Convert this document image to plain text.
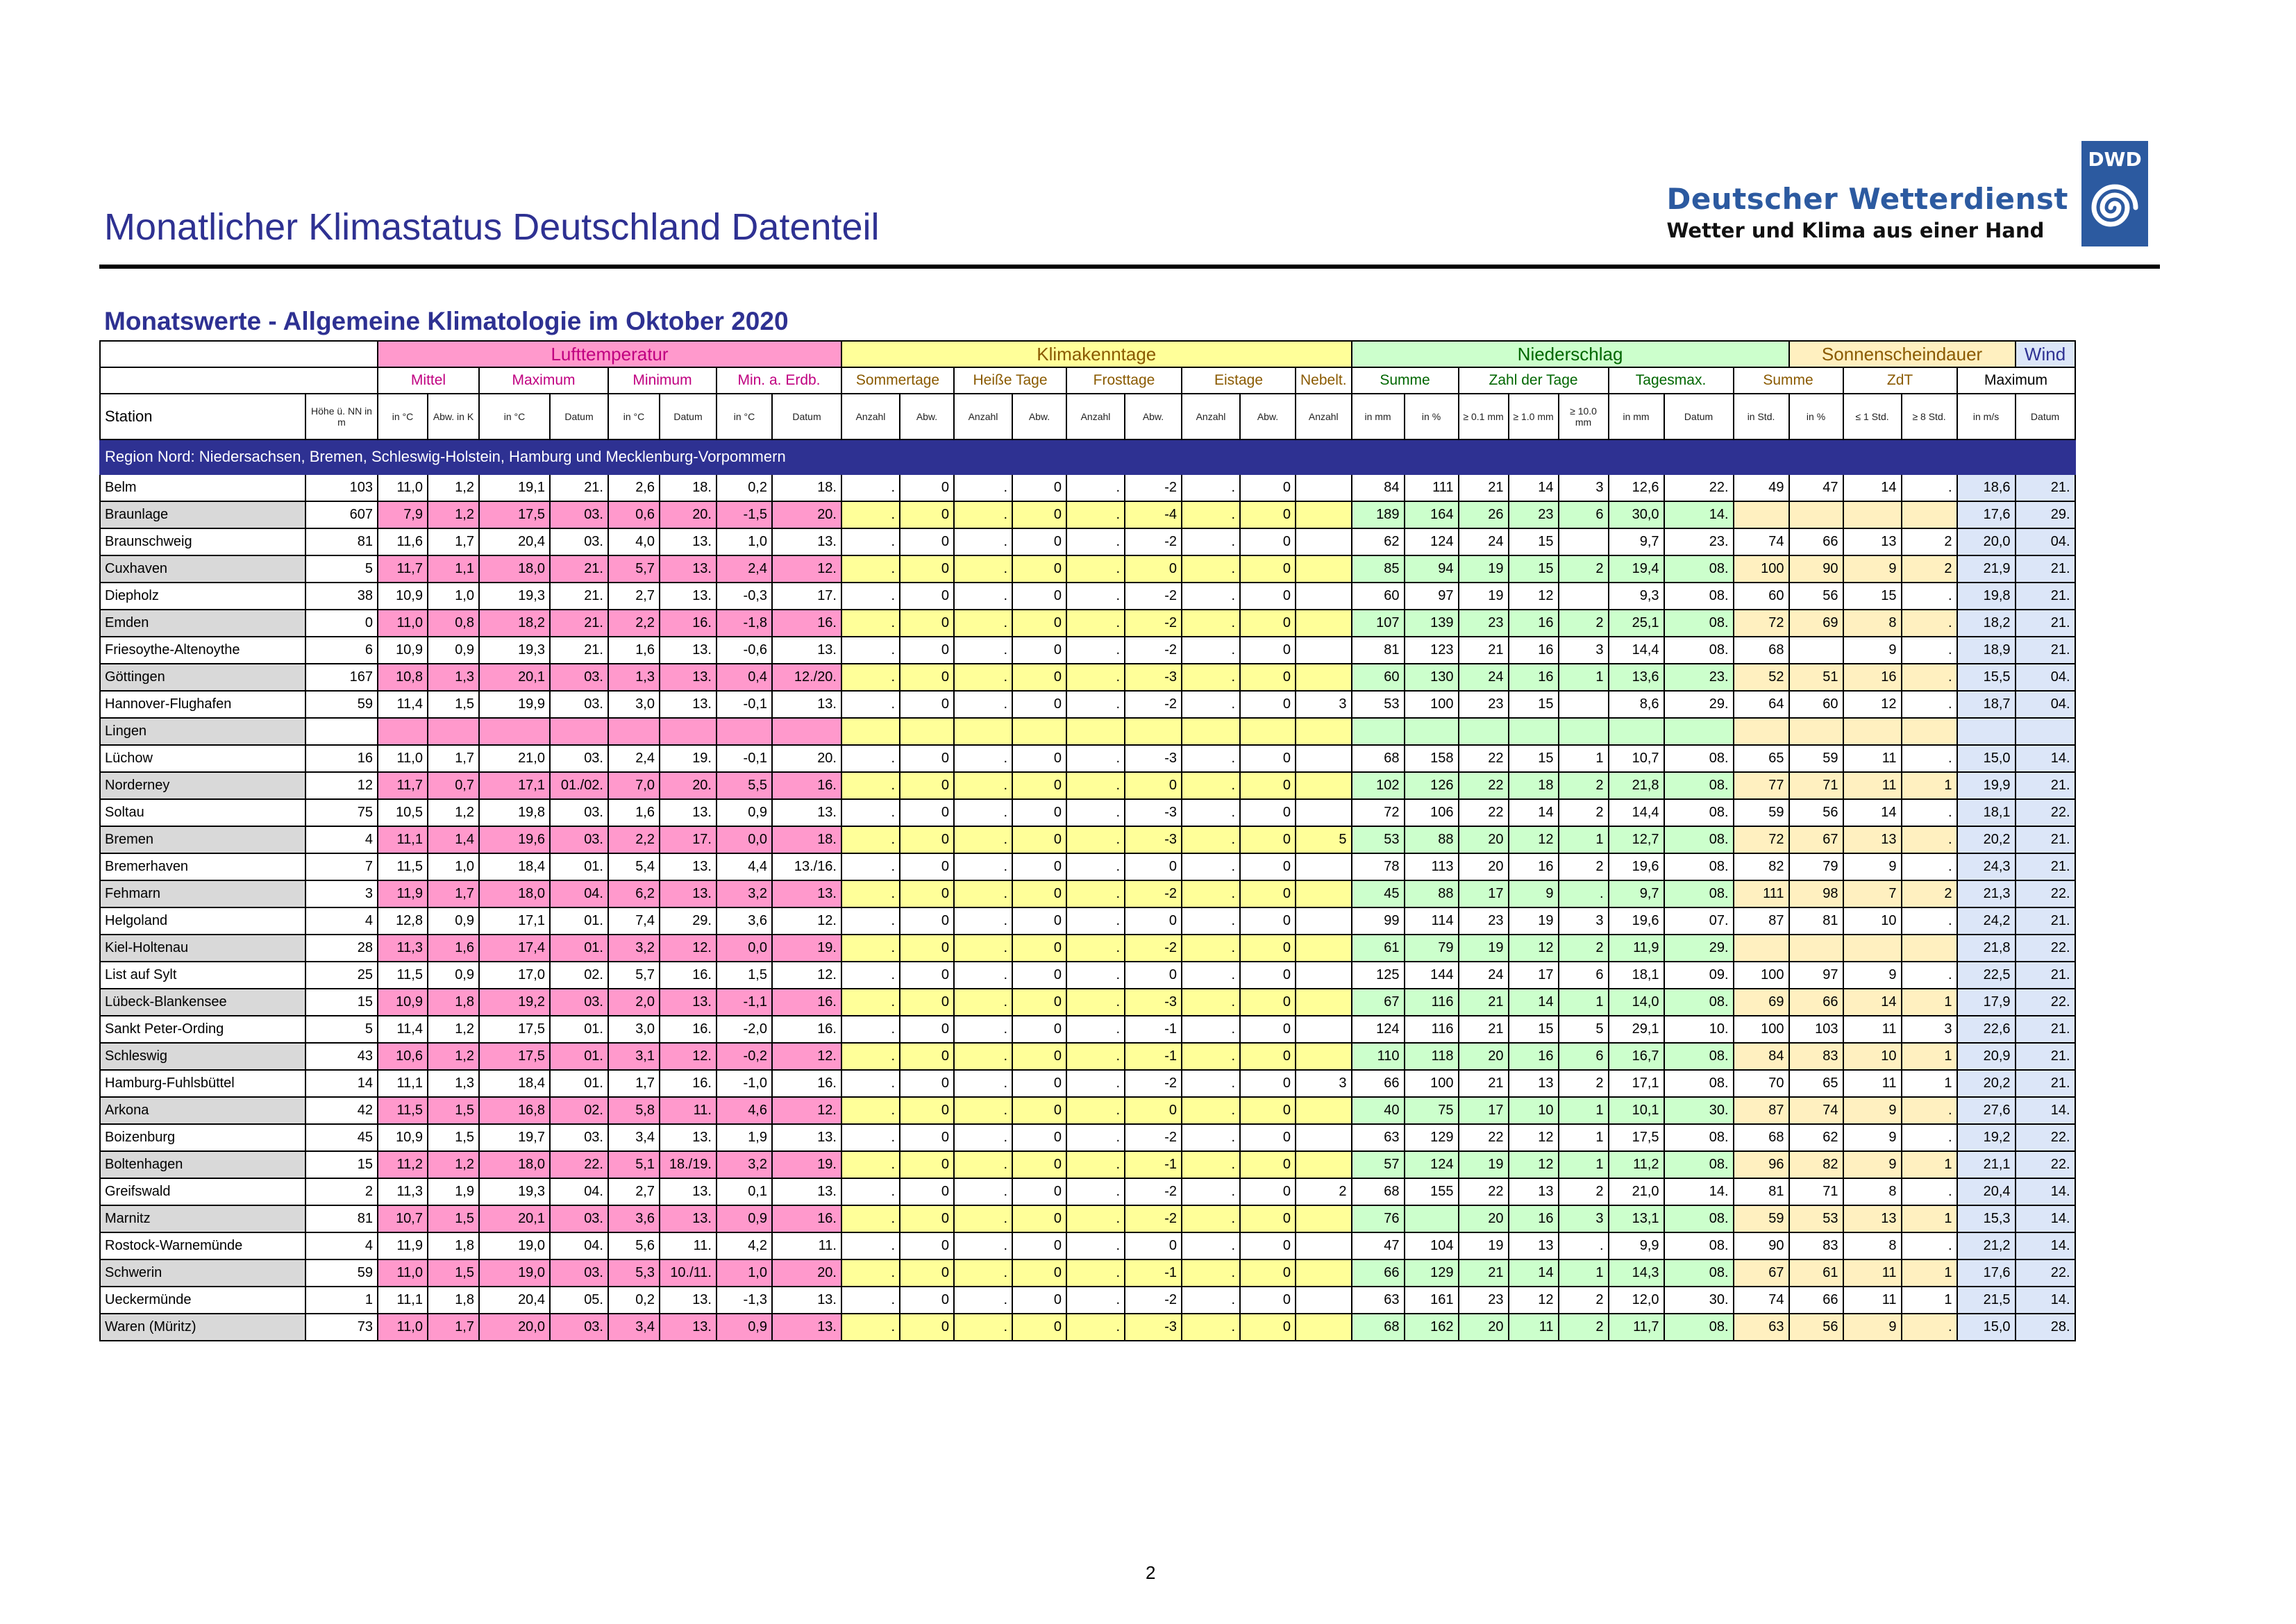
Monatlicher Klimastatus Deutschland Datenteil
Deutscher Wetterdienst
Wetter und Klima aus einer Hand
DWD
Monatswerte - Allgemeine Klimatologie im Oktober 2020
		Lufttemperatur								Klimakenntage									Niederschlag								Sonnenscheindauer				Wind
		Mittel		Maximum		Minimum		Min. a. Erdb.		Sommertage		Heiße Tage		Frosttage		Eistage		Nebelt.	Summe		Zahl der Tage			Tagesmax.		Summe		ZdT		Maximum	
Station	Höhe ü. NN in m	in °C	Abw. in K	in °C	Datum	in °C	Datum	in °C	Datum	Anzahl	Abw.	Anzahl	Abw.	Anzahl	Abw.	Anzahl	Abw.	Anzahl	in mm	in %	≥ 0.1 mm	≥ 1.0 mm	≥ 10.0 mm	in mm	Datum	in Std.	in %	≤ 1 Std.	≥ 8 Std.	in m/s	Datum
Region Nord: Niedersachsen, Bremen, Schleswig-Holstein, Hamburg und Mecklenburg-Vorpommern																															
Belm	103	11,0	1,2	19,1	21.	2,6	18.	0,2	18.	.	0	.	0	.	-2	.	0		84	111	21	14	3	12,6	22.	49	47	14	.	18,6	21.
Braunlage	607	7,9	1,2	17,5	03.	0,6	20.	-1,5	20.	.	0	.	0	.	-4	.	0		189	164	26	23	6	30,0	14.					17,6	29.
Braunschweig	81	11,6	1,7	20,4	03.	4,0	13.	1,0	13.	.	0	.	0	.	-2	.	0		62	124	24	15		9,7	23.	74	66	13	2	20,0	04.
Cuxhaven	5	11,7	1,1	18,0	21.	5,7	13.	2,4	12.	.	0	.	0	.	0	.	0		85	94	19	15	2	19,4	08.	100	90	9	2	21,9	21.
Diepholz	38	10,9	1,0	19,3	21.	2,7	13.	-0,3	17.	.	0	.	0	.	-2	.	0		60	97	19	12		9,3	08.	60	56	15	.	19,8	21.
Emden	0	11,0	0,8	18,2	21.	2,2	16.	-1,8	16.	.	0	.	0	.	-2	.	0		107	139	23	16	2	25,1	08.	72	69	8	.	18,2	21.
Friesoythe-Altenoythe	6	10,9	0,9	19,3	21.	1,6	13.	-0,6	13.	.	0	.	0	.	-2	.	0		81	123	21	16	3	14,4	08.	68		9	.	18,9	21.
Göttingen	167	10,8	1,3	20,1	03.	1,3	13.	0,4	12./20.	.	0	.	0	.	-3	.	0		60	130	24	16	1	13,6	23.	52	51	16	.	15,5	04.
Hannover-Flughafen	59	11,4	1,5	19,9	03.	3,0	13.	-0,1	13.	.	0	.	0	.	-2	.	0	3	53	100	23	15		8,6	29.	64	60	12	.	18,7	04.
Lingen																															
Lüchow	16	11,0	1,7	21,0	03.	2,4	19.	-0,1	20.	.	0	.	0	.	-3	.	0		68	158	22	15	1	10,7	08.	65	59	11	.	15,0	14.
Norderney	12	11,7	0,7	17,1	01./02.	7,0	20.	5,5	16.	.	0	.	0	.	0	.	0		102	126	22	18	2	21,8	08.	77	71	11	1	19,9	21.
Soltau	75	10,5	1,2	19,8	03.	1,6	13.	0,9	13.	.	0	.	0	.	-3	.	0		72	106	22	14	2	14,4	08.	59	56	14	.	18,1	22.
Bremen	4	11,1	1,4	19,6	03.	2,2	17.	0,0	18.	.	0	.	0	.	-3	.	0	5	53	88	20	12	1	12,7	08.	72	67	13	.	20,2	21.
Bremerhaven	7	11,5	1,0	18,4	01.	5,4	13.	4,4	13./16.	.	0	.	0	.	0	.	0		78	113	20	16	2	19,6	08.	82	79	9	.	24,3	21.
Fehmarn	3	11,9	1,7	18,0	04.	6,2	13.	3,2	13.	.	0	.	0	.	-2	.	0		45	88	17	9	.	9,7	08.	111	98	7	2	21,3	22.
Helgoland	4	12,8	0,9	17,1	01.	7,4	29.	3,6	12.	.	0	.	0	.	0	.	0		99	114	23	19	3	19,6	07.	87	81	10	.	24,2	21.
Kiel-Holtenau	28	11,3	1,6	17,4	01.	3,2	12.	0,0	19.	.	0	.	0	.	-2	.	0		61	79	19	12	2	11,9	29.					21,8	22.
List auf Sylt	25	11,5	0,9	17,0	02.	5,7	16.	1,5	12.	.	0	.	0	.	0	.	0		125	144	24	17	6	18,1	09.	100	97	9	.	22,5	21.
Lübeck-Blankensee	15	10,9	1,8	19,2	03.	2,0	13.	-1,1	16.	.	0	.	0	.	-3	.	0		67	116	21	14	1	14,0	08.	69	66	14	1	17,9	22.
Sankt Peter-Ording	5	11,4	1,2	17,5	01.	3,0	16.	-2,0	16.	.	0	.	0	.	-1	.	0		124	116	21	15	5	29,1	10.	100	103	11	3	22,6	21.
Schleswig	43	10,6	1,2	17,5	01.	3,1	12.	-0,2	12.	.	0	.	0	.	-1	.	0		110	118	20	16	6	16,7	08.	84	83	10	1	20,9	21.
Hamburg-Fuhlsbüttel	14	11,1	1,3	18,4	01.	1,7	16.	-1,0	16.	.	0	.	0	.	-2	.	0	3	66	100	21	13	2	17,1	08.	70	65	11	1	20,2	21.
Arkona	42	11,5	1,5	16,8	02.	5,8	11.	4,6	12.	.	0	.	0	.	0	.	0		40	75	17	10	1	10,1	30.	87	74	9	.	27,6	14.
Boizenburg	45	10,9	1,5	19,7	03.	3,4	13.	1,9	13.	.	0	.	0	.	-2	.	0		63	129	22	12	1	17,5	08.	68	62	9	.	19,2	22.
Boltenhagen	15	11,2	1,2	18,0	22.	5,1	18./19.	3,2	19.	.	0	.	0	.	-1	.	0		57	124	19	12	1	11,2	08.	96	82	9	1	21,1	22.
Greifswald	2	11,3	1,9	19,3	04.	2,7	13.	0,1	13.	.	0	.	0	.	-2	.	0	2	68	155	22	13	2	21,0	14.	81	71	8	.	20,4	14.
Marnitz	81	10,7	1,5	20,1	03.	3,6	13.	0,9	16.	.	0	.	0	.	-2	.	0		76		20	16	3	13,1	08.	59	53	13	1	15,3	14.
Rostock-Warnemünde	4	11,9	1,8	19,0	04.	5,6	11.	4,2	11.	.	0	.	0	.	0	.	0		47	104	19	13	.	9,9	08.	90	83	8	.	21,2	14.
Schwerin	59	11,0	1,5	19,0	03.	5,3	10./11.	1,0	20.	.	0	.	0	.	-1	.	0		66	129	21	14	1	14,3	08.	67	61	11	1	17,6	22.
Ueckermünde	1	11,1	1,8	20,4	05.	0,2	13.	-1,3	13.	.	0	.	0	.	-2	.	0		63	161	23	12	2	12,0	30.	74	66	11	1	21,5	14.
Waren (Müritz)	73	11,0	1,7	20,0	03.	3,4	13.	0,9	13.	.	0	.	0	.	-3	.	0		68	162	20	11	2	11,7	08.	63	56	9	.	15,0	28.
2
